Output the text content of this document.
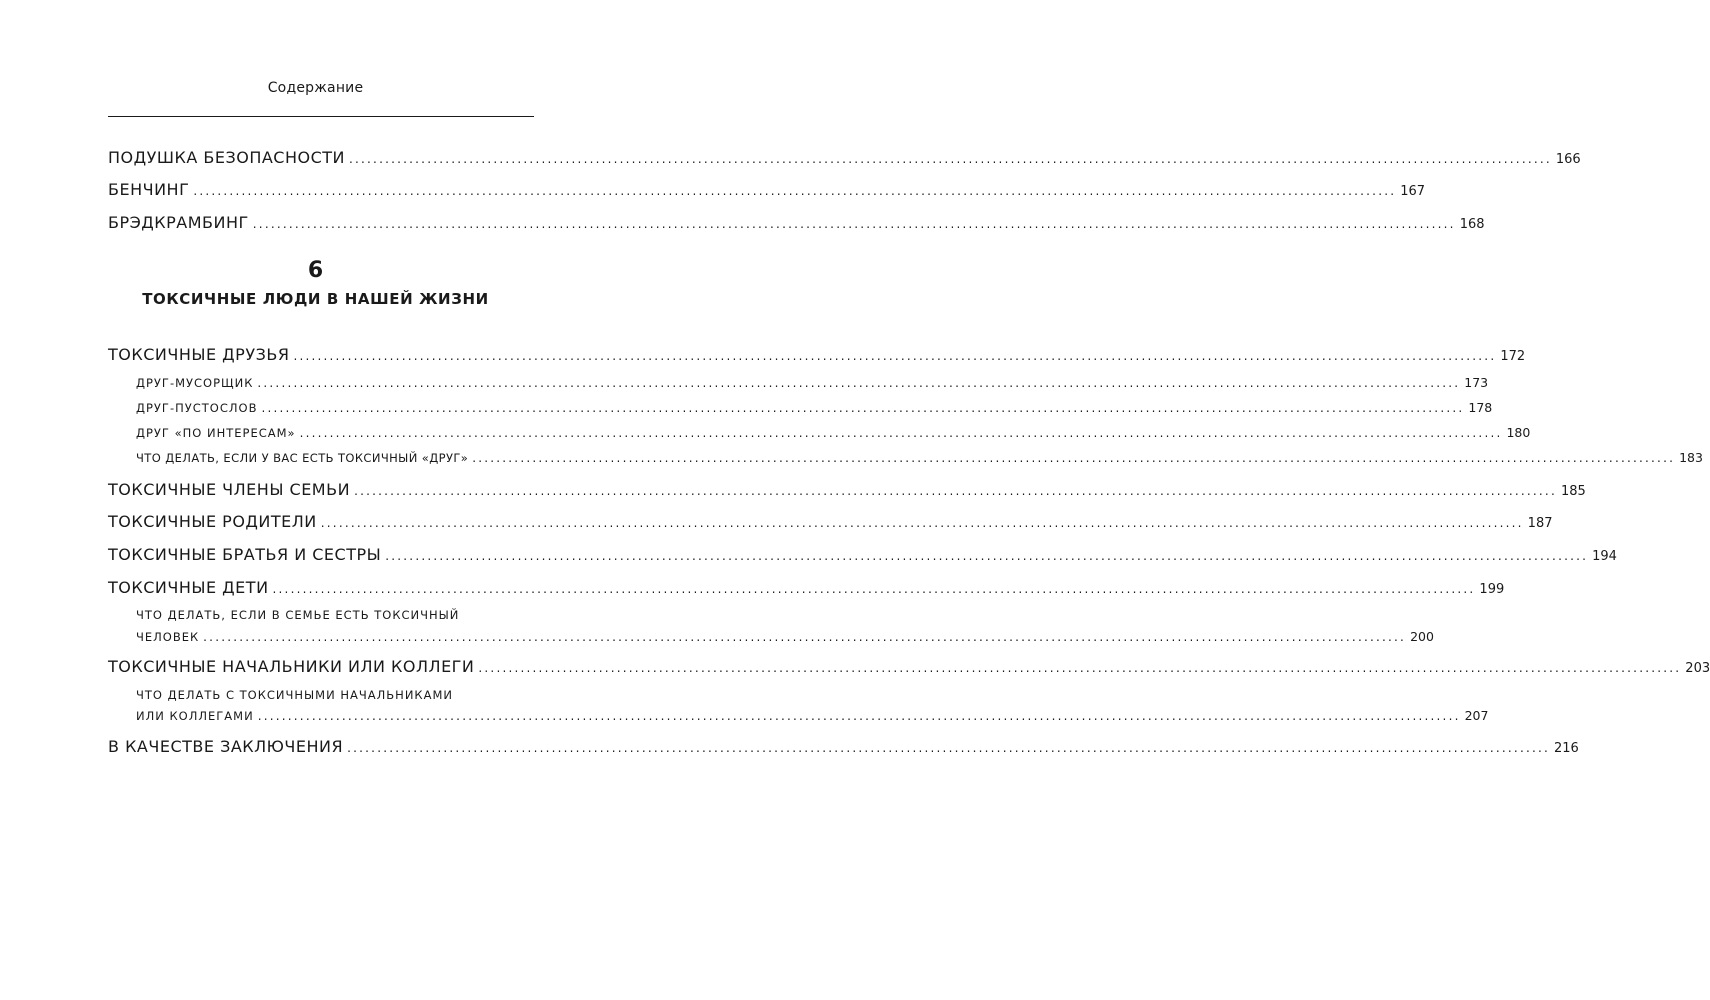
Содержание
ПОДУШКА БЕЗОПАСНОСТИ ........................................................................................................................................................................................................ 166
БЕНЧИНГ ........................................................................................................................................................................................................ 167
БРЭДКРАМБИНГ ........................................................................................................................................................................................................ 168
6
ТОКСИЧНЫЕ ЛЮДИ В НАШЕЙ ЖИЗНИ
ТОКСИЧНЫЕ ДРУЗЬЯ ........................................................................................................................................................................................................ 172
ДРУГ-МУСОРЩИК ........................................................................................................................................................................................................ 173
ДРУГ-ПУСТОСЛОВ ........................................................................................................................................................................................................ 178
ДРУГ «ПО ИНТЕРЕСАМ» ........................................................................................................................................................................................................ 180
ЧТО ДЕЛАТЬ, ЕСЛИ У ВАС ЕСТЬ ТОКСИЧНЫЙ «ДРУГ» ........................................................................................................................................................................................................ 183
ТОКСИЧНЫЕ ЧЛЕНЫ СЕМЬИ ........................................................................................................................................................................................................ 185
ТОКСИЧНЫЕ РОДИТЕЛИ ........................................................................................................................................................................................................ 187
ТОКСИЧНЫЕ БРАТЬЯ И СЕСТРЫ ........................................................................................................................................................................................................ 194
ТОКСИЧНЫЕ ДЕТИ ........................................................................................................................................................................................................ 199
ЧТО ДЕЛАТЬ, ЕСЛИ В СЕМЬЕ ЕСТЬ ТОКСИЧНЫЙ
ЧЕЛОВЕК ........................................................................................................................................................................................................ 200
ТОКСИЧНЫЕ НАЧАЛЬНИКИ ИЛИ КОЛЛЕГИ ........................................................................................................................................................................................................ 203
ЧТО ДЕЛАТЬ С ТОКСИЧНЫМИ НАЧАЛЬНИКАМИ
ИЛИ КОЛЛЕГАМИ ........................................................................................................................................................................................................ 207
В КАЧЕСТВЕ ЗАКЛЮЧЕНИЯ ........................................................................................................................................................................................................ 216
